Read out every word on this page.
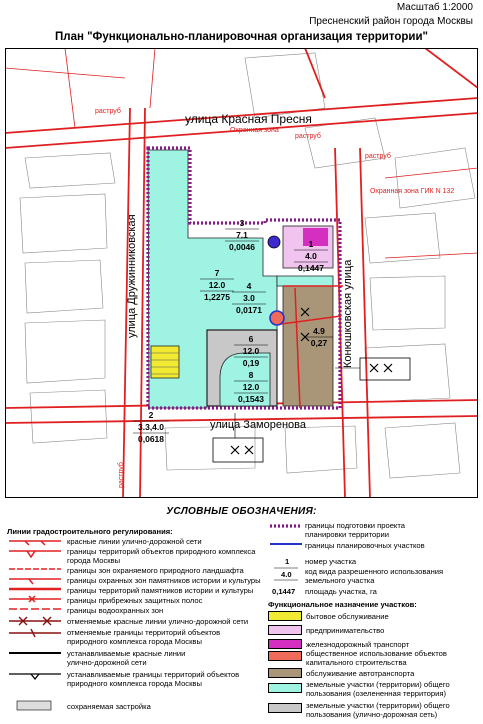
Масштаб 1:2000
Пресненский район города Москвы
План "Функционально-планировочная организация территории"
улица Красная Пресня
улица Дружинниковская	Конюшковская улица
улица Заморенова
раструб
Охранная зона
раструб
Охранная зона ГИК N 132
раструб
раструб
7
12.0
1,2275
3
7.1
0,0046	1
4.0
0,1447
4
3.0
0,0171
4.9
0,27
6
12.0
0,19
8
12.0
0,1543
2
3.3,4.0
0,0618
УСЛОВНЫЕ ОБОЗНАЧЕНИЯ:
Линии градостроительного регулирования:
красные линии улично-дорожной сети
границы территорий объектов природного комплекса
города Москвы
границы зон охраняемого природного ландшафта
границы охранных зон памятников истории и культуры
границы территорий памятников истории и культуры
границы прибрежных защитных полос
границы водоохранных зон
отменяемые красные линии улично-дорожной сети
отменяемые границы территорий объектов
природного комплекса города Москвы
устанавливаемые красные линии
улично-дорожной сети
устанавливаемые границы территорий объектов
природного комплекса города Москвы
сохраняемая застройка
границы подготовки проекта
планировки территории
границы планировочных участков
1 номер участка
4.0 код вида разрешенного использования
земельного участка
0,1447 площадь участка, га
Функциональное назначение участков:
бытовое обслуживание
предпринимательство
железнодорожный транспорт
общественное использование объектов
капитального строительства
обслуживание автотранспорта
земельные участки (территории) общего
пользования (озелененная территория)
земельные участки (территории) общего
пользования (улично-дорожная сеть)
